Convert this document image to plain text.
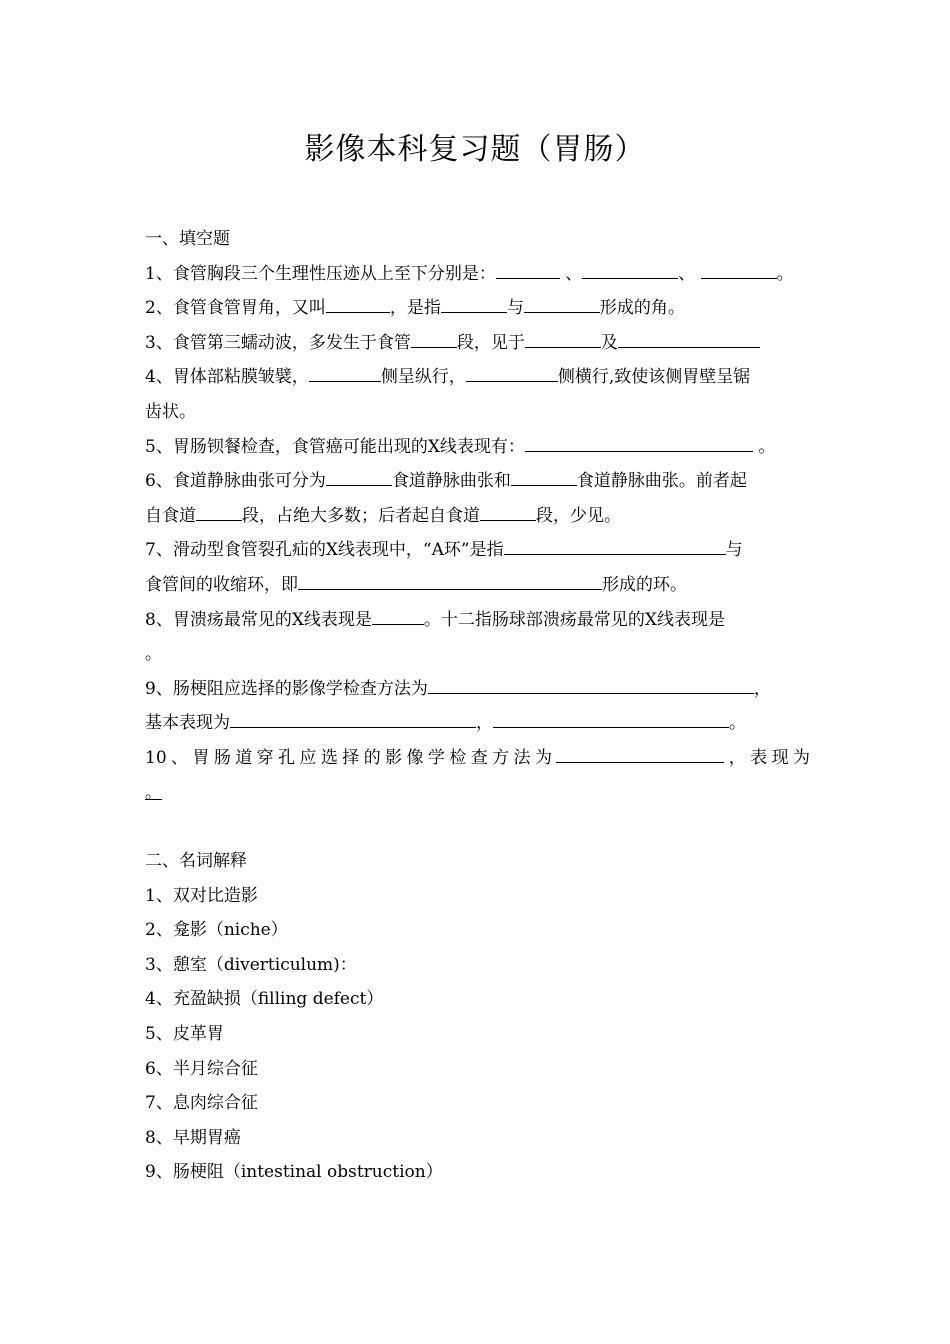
影像本科复习题（胃肠）
一、填空题
1、食管胸段三个生理性压迹从上至下分别是：	、	、	。
2、食管食管胃角，又叫	，是指	与	形成的角。
3、食管第三蠕动波，多发生于食管	段，见于	及
4、胃体部粘膜皱襞，	侧呈纵行，	侧横行,致使该侧胃壁呈锯
齿状。
5、胃肠钡餐检查，食管癌可能出现的X线表现有：	。
6、食道静脉曲张可分为	食道静脉曲张和	食道静脉曲张。前者起
自食道	段，占绝大多数；后者起自食道	段，少见。
7、滑动型食管裂孔疝的X线表现中，“A环”是指	与
食管间的收缩环，即	形成的环。
8、胃溃疡最常见的X线表现是	。十二指肠球部溃疡最常见的X线表现是
。
9、肠梗阻应选择的影像学检查方法为	，
基本表现为	，	。
10、胃肠道穿孔应选择的影像学检查方法为	，表现为
。
二、名词解释
1、双对比造影
2、龛影（niche）
3、憩室（diverticulum)：
4、充盈缺损（filling defect）
5、皮革胃
6、半月综合征
7、息肉综合征
8、早期胃癌
9、肠梗阻（intestinal obstruction）
